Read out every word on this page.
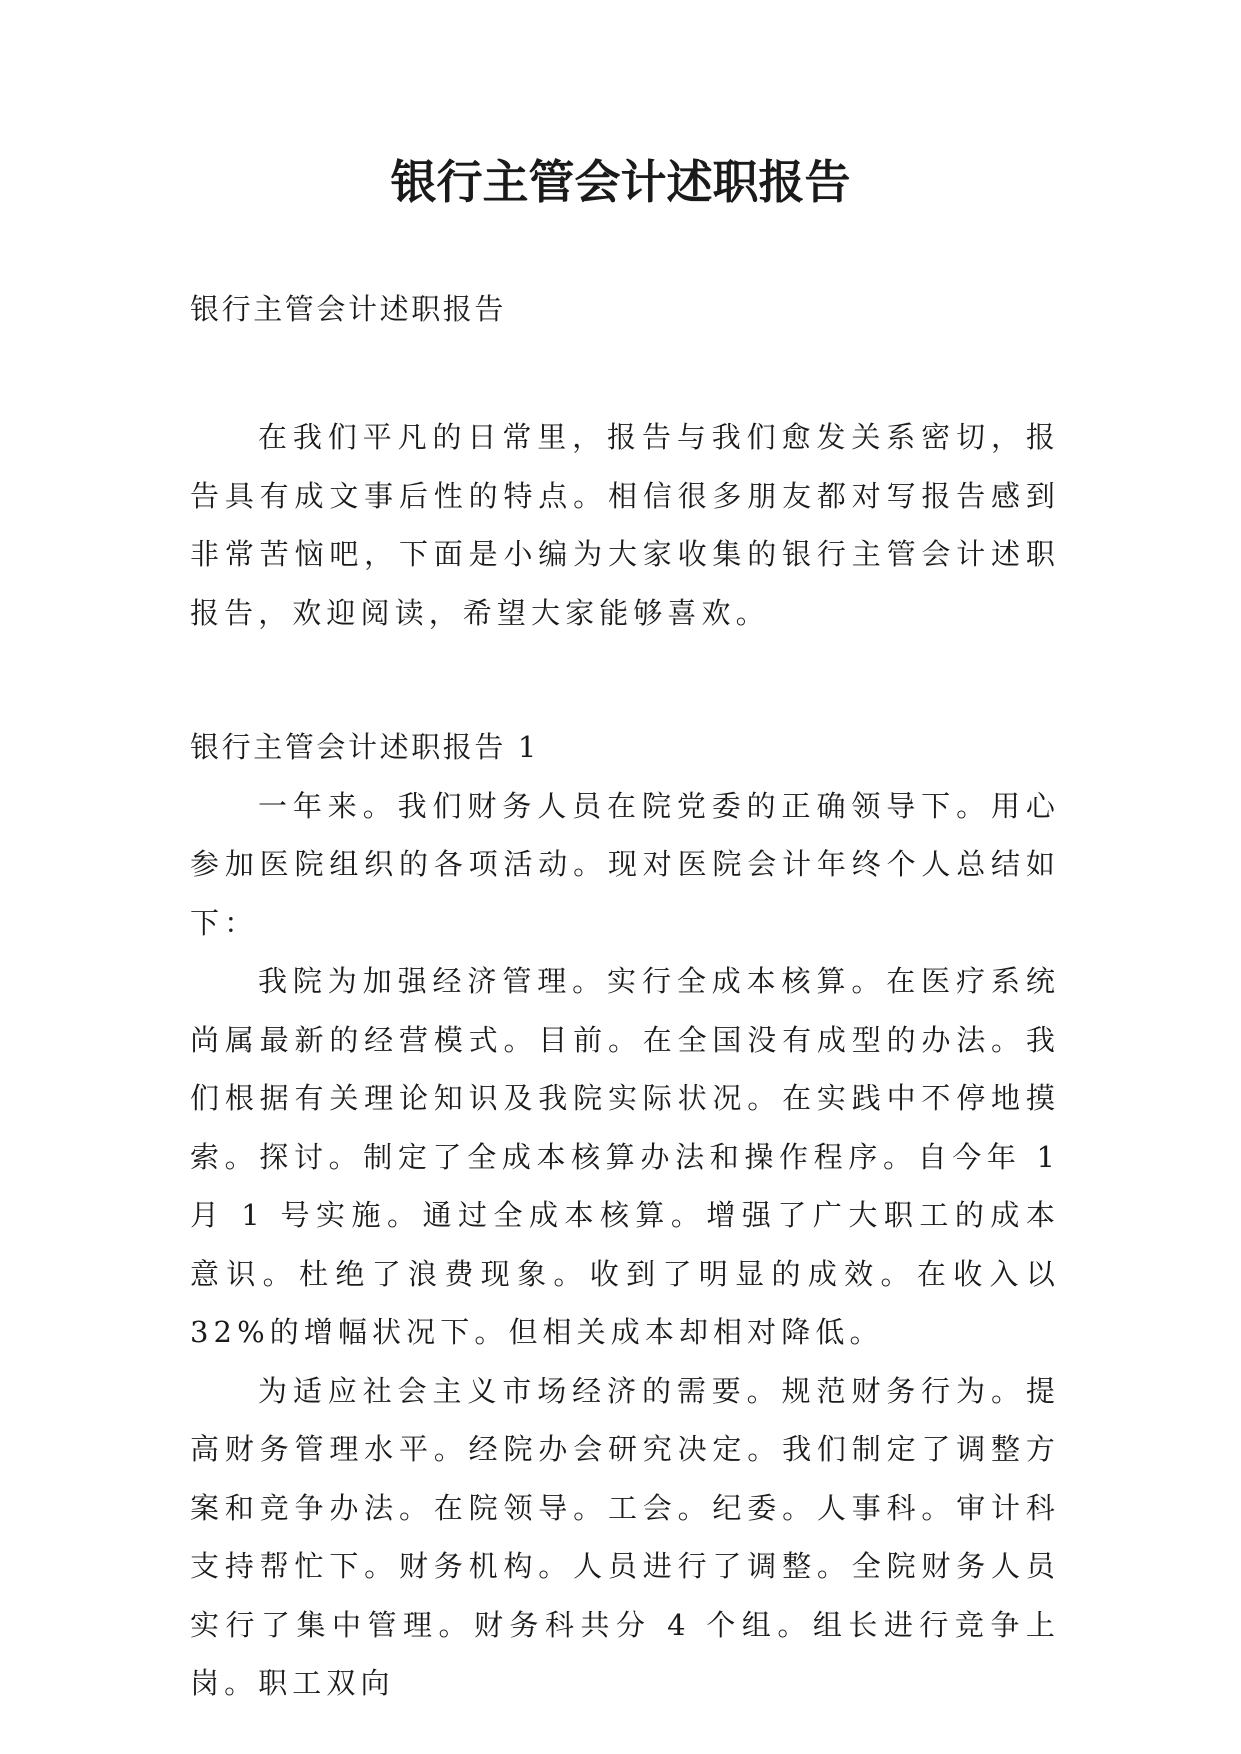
银行主管会计述职报告

银行主管会计述职报告

在我们平凡的日常里，报告与我们愈发关系密切，报告具有成文事后性的特点。相信很多朋友都对写报告感到非常苦恼吧，下面是小编为大家收集的银行主管会计述职报告，欢迎阅读，希望大家能够喜欢。

银行主管会计述职报告 1

一年来。我们财务人员在院党委的正确领导下。用心参加医院组织的各项活动。现对医院会计年终个人总结如下：

我院为加强经济管理。实行全成本核算。在医疗系统尚属最新的经营模式。目前。在全国没有成型的办法。我们根据有关理论知识及我院实际状况。在实践中不停地摸索。探讨。制定了全成本核算办法和操作程序。自今年 1 月 1 号实施。通过全成本核算。增强了广大职工的成本意识。杜绝了浪费现象。收到了明显的成效。在收入以 32%的增幅状况下。但相关成本却相对降低。

为适应社会主义市场经济的需要。规范财务行为。提高财务管理水平。经院办会研究决定。我们制定了调整方案和竞争办法。在院领导。工会。纪委。人事科。审计科支持帮忙下。财务机构。人员进行了调整。全院财务人员实行了集中管理。财务科共分 4 个组。组长进行竞争上岗。职工双向
